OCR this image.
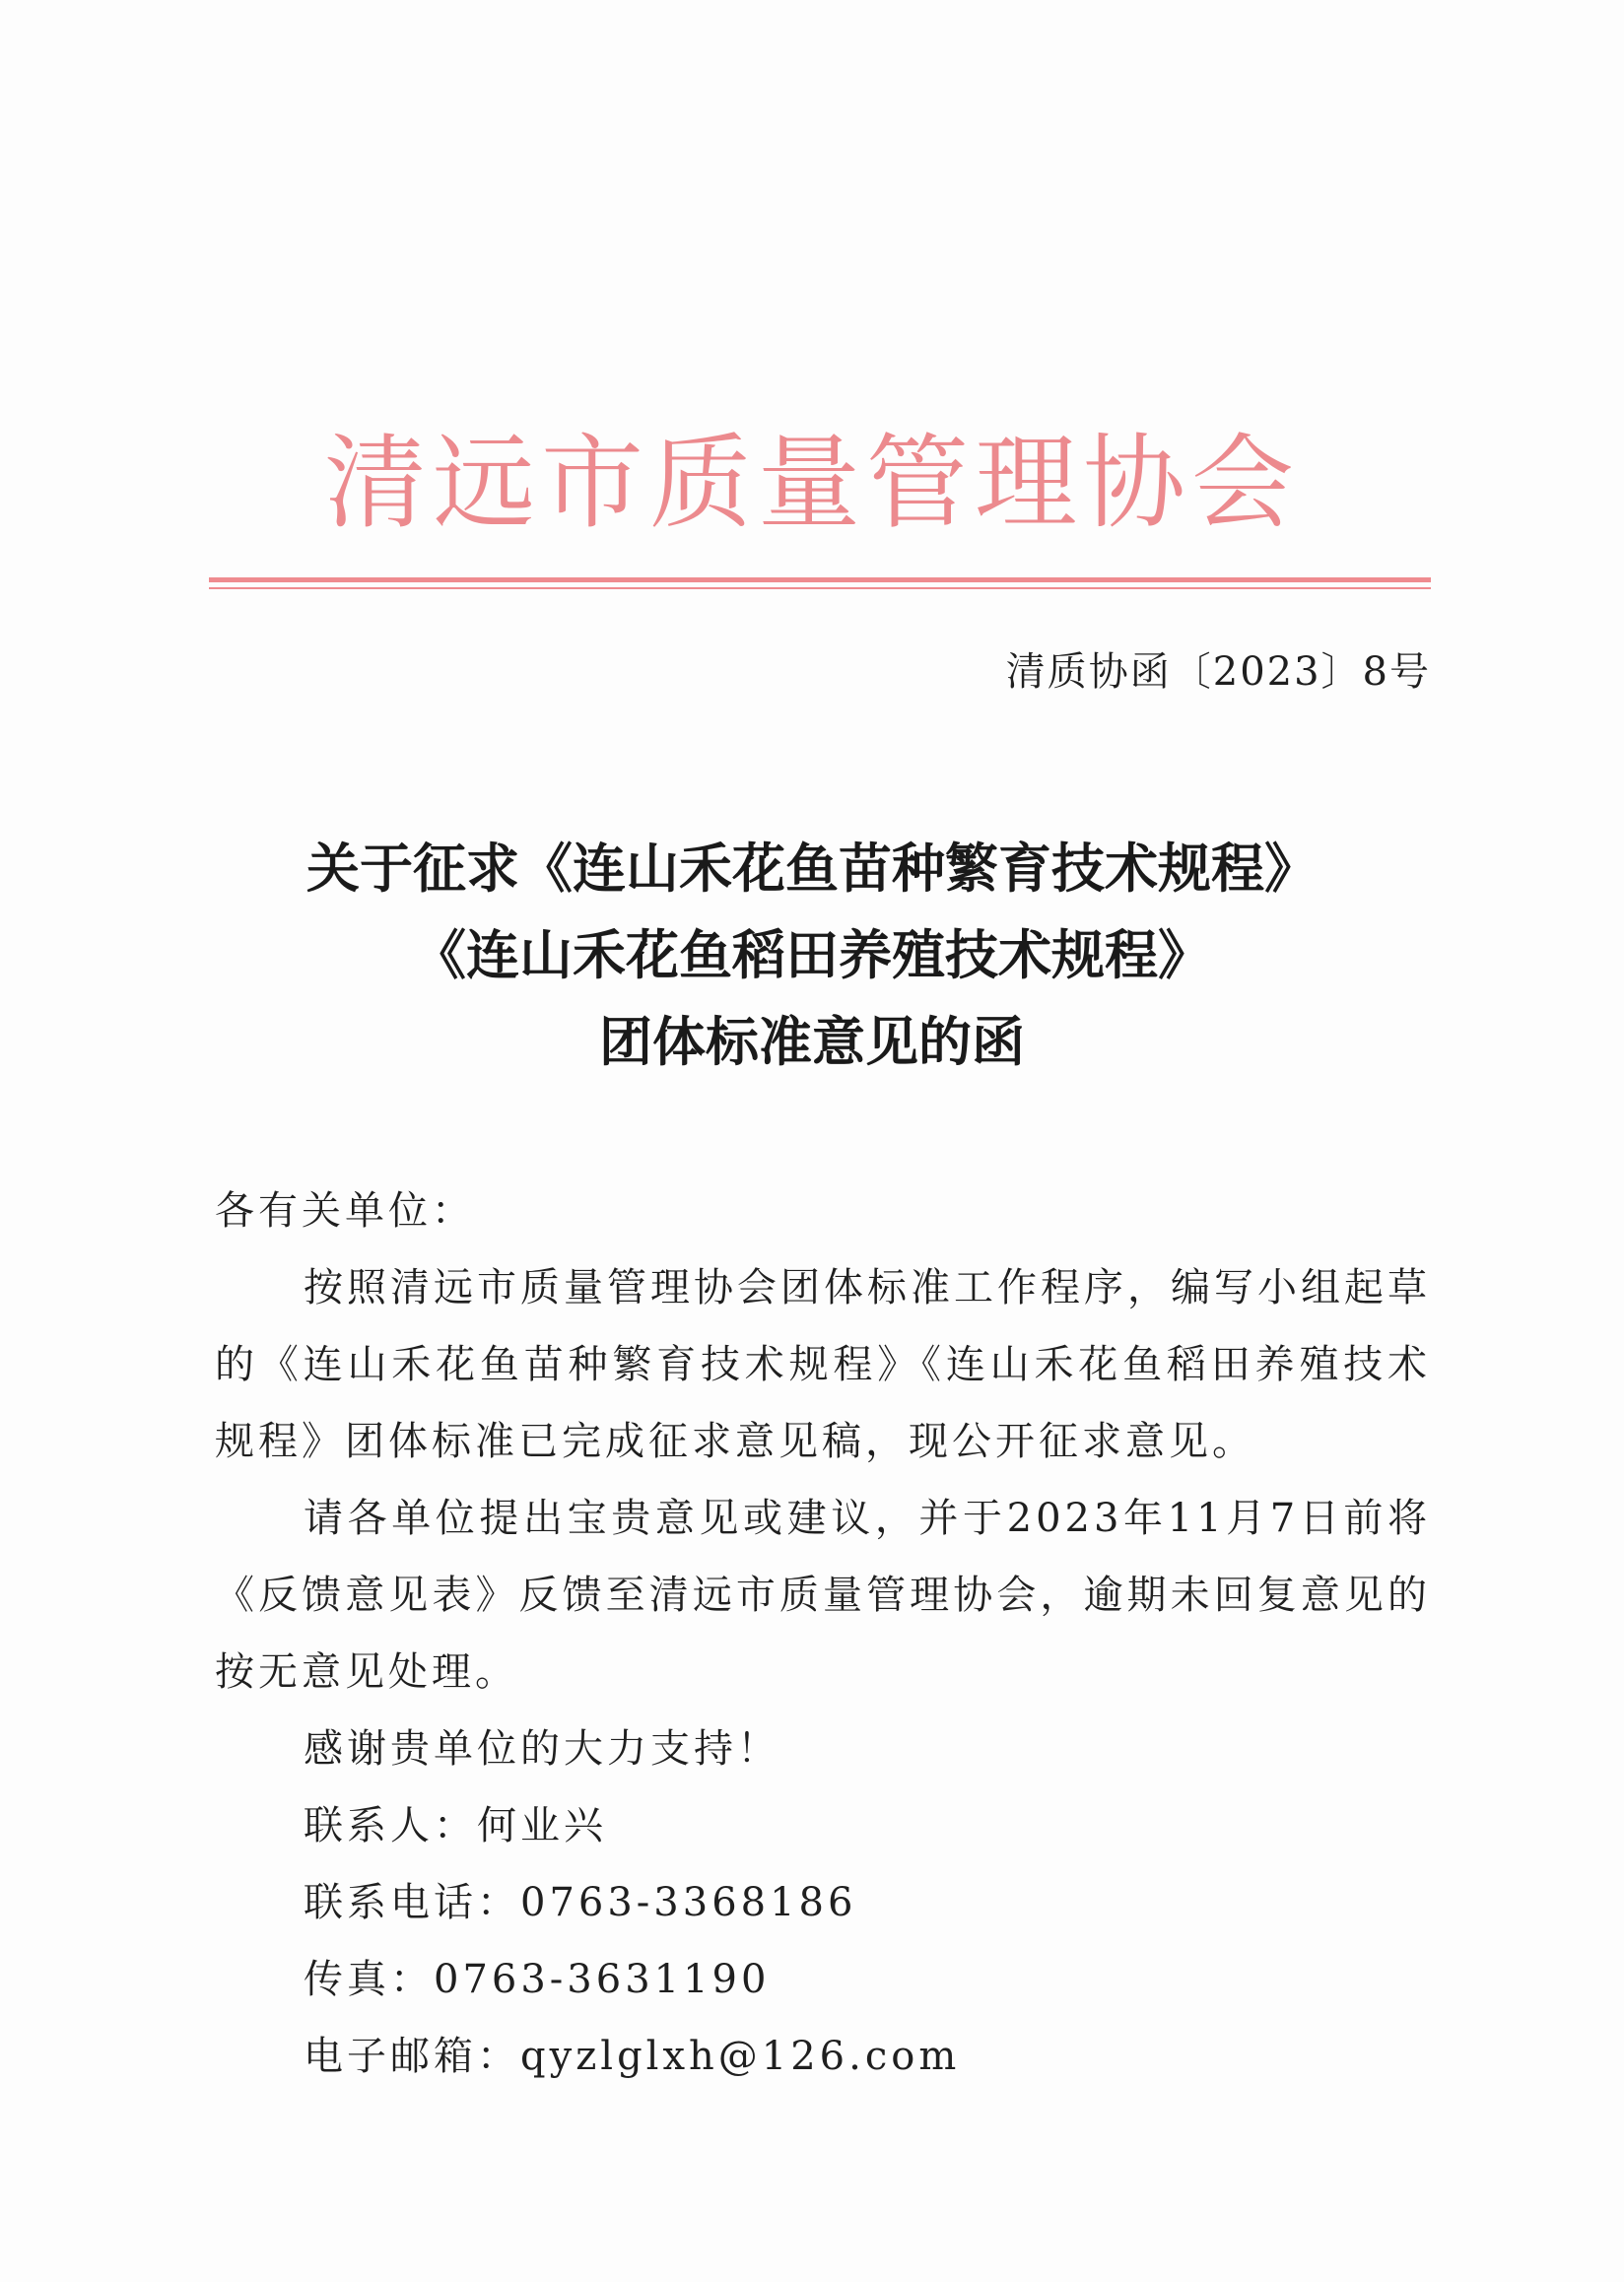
清远市质量管理协会
清质协函〔2023〕8号
关于征求《连山禾花鱼苗种繁育技术规程》
《连山禾花鱼稻田养殖技术规程》
团体标准意见的函

各有关单位：

按照清远市质量管理协会团体标准工作程序，编写小组起草的《连山禾花鱼苗种繁育技术规程》《连山禾花鱼稻田养殖技术规程》团体标准已完成征求意见稿，现公开征求意见。

请各单位提出宝贵意见或建议，并于2023年11月7日前将《反馈意见表》反馈至清远市质量管理协会，逾期未回复意见的按无意见处理。

感谢贵单位的大力支持！

联系人：何业兴

联系电话：0763-3368186

传真：0763-3631190

电子邮箱：qyzlglxh@126.com
